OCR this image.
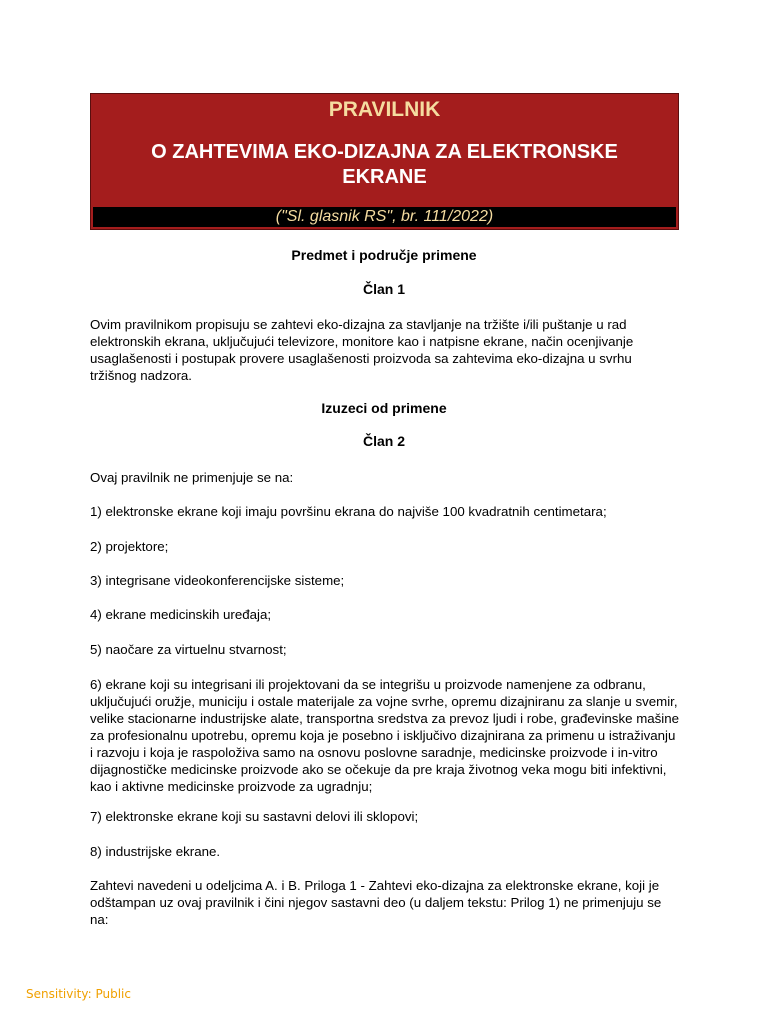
PRAVILNIK
O ZAHTEVIMA EKO-DIZAJNA ZA ELEKTRONSKE EKRANE
("Sl. glasnik RS", br. 111/2022)
Predmet i područje primene
Član 1
Ovim pravilnikom propisuju se zahtevi eko-dizajna za stavljanje na tržište i/ili puštanje u rad elektronskih ekrana, uključujući televizore, monitore kao i natpisne ekrane, način ocenjivanje usaglašenosti i postupak provere usaglašenosti proizvoda sa zahtevima eko-dizajna u svrhu tržišnog nadzora.
Izuzeci od primene
Član 2
Ovaj pravilnik ne primenjuje se na:
1) elektronske ekrane koji imaju površinu ekrana do najviše 100 kvadratnih centimetara;
2) projektore;
3) integrisane videokonferencijske sisteme;
4) ekrane medicinskih uređaja;
5) naočare za virtuelnu stvarnost;
6) ekrane koji su integrisani ili projektovani da se integrišu u proizvode namenjene za odbranu, uključujući oružje, municiju i ostale materijale za vojne svrhe, opremu dizajniranu za slanje u svemir, velike stacionarne industrijske alate, transportna sredstva za prevoz ljudi i robe, građevinske mašine za profesionalnu upotrebu, opremu koja je posebno i isključivo dizajnirana za primenu u istraživanju i razvoju i koja je raspoloživa samo na osnovu poslovne saradnje, medicinske proizvode i in-vitro dijagnostičke medicinske proizvode ako se očekuje da pre kraja životnog veka mogu biti infektivni, kao i aktivne medicinske proizvode za ugradnju;
7) elektronske ekrane koji su sastavni delovi ili sklopovi;
8) industrijske ekrane.
Zahtevi navedeni u odeljcima A. i B. Priloga 1 - Zahtevi eko-dizajna za elektronske ekrane, koji je odštampan uz ovaj pravilnik i čini njegov sastavni deo (u daljem tekstu: Prilog 1) ne primenjuju se na:
Sensitivity: Public
